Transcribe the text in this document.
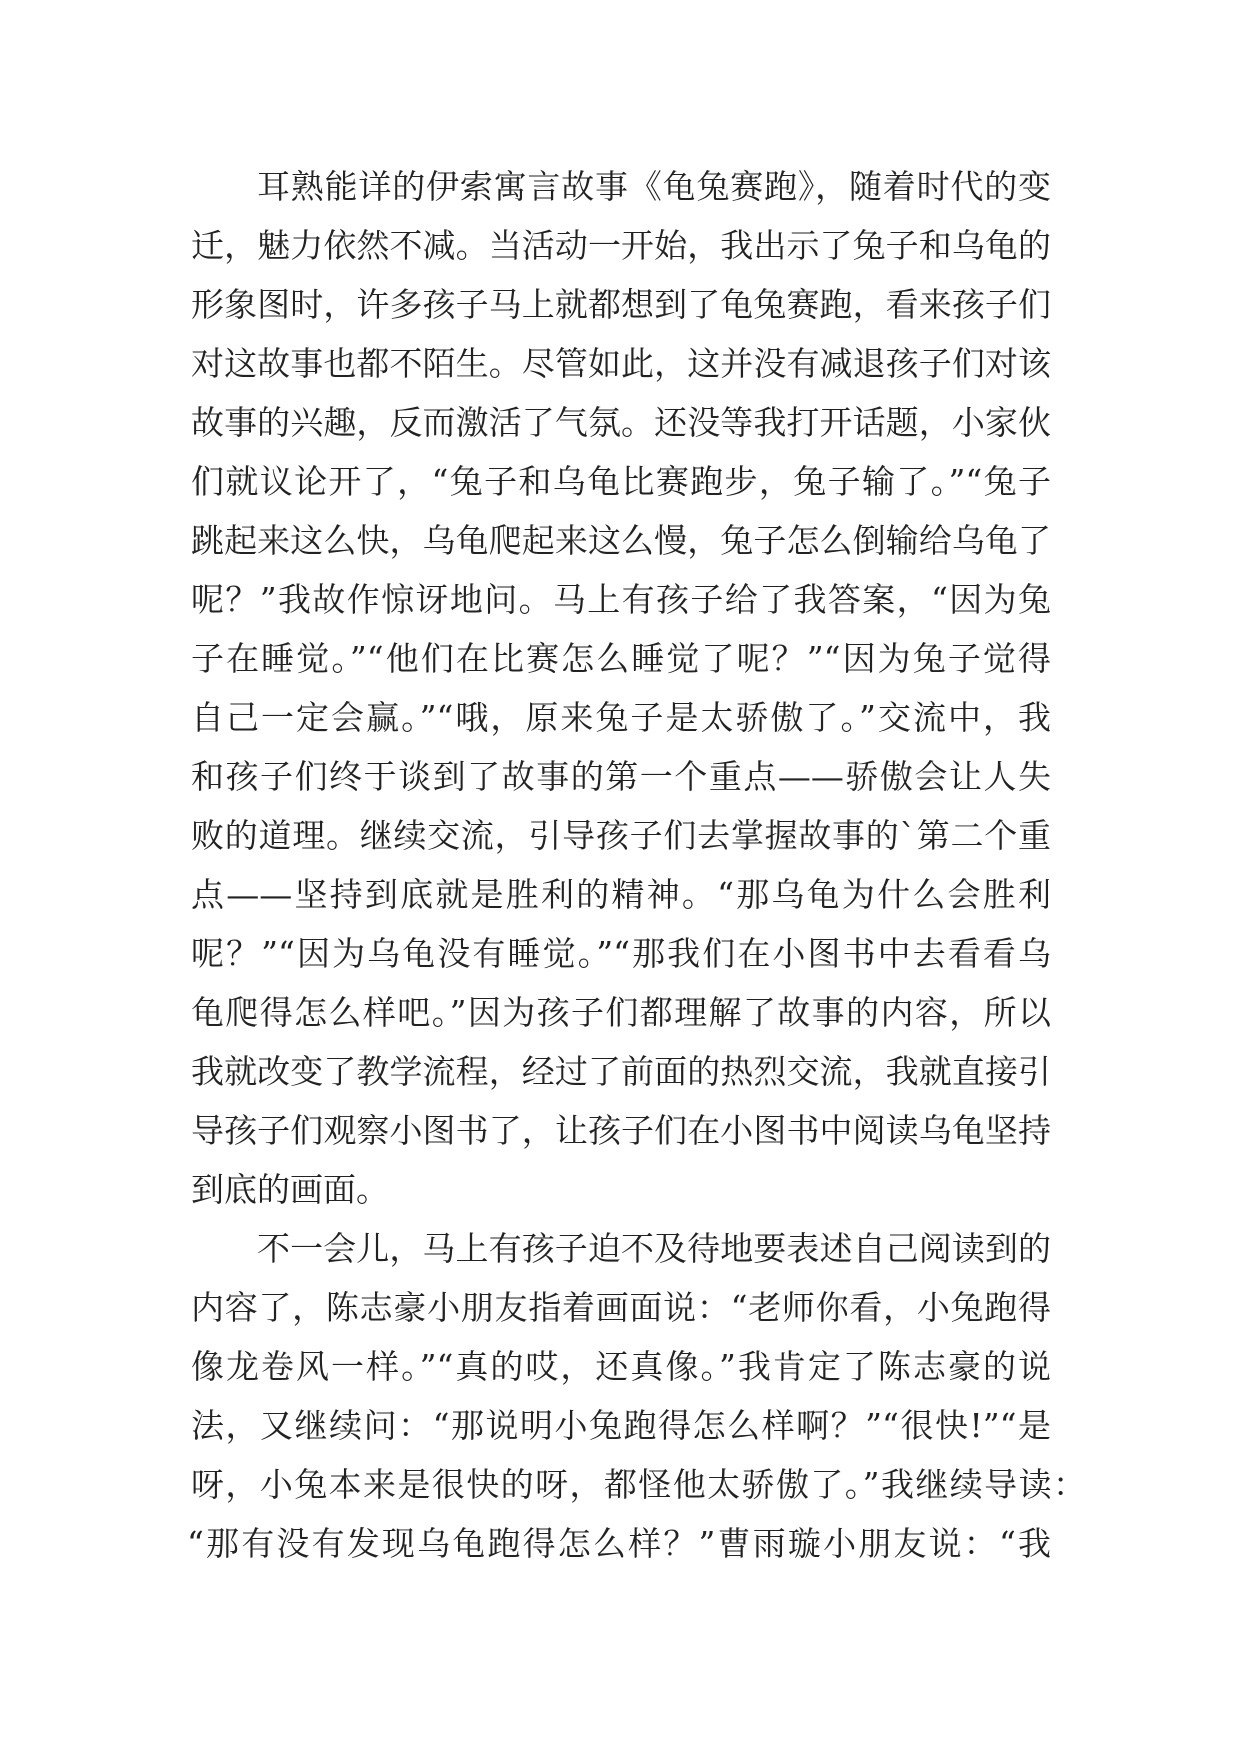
耳熟能详的伊索寓言故事《龟兔赛跑》，随着时代的变
迁，魅力依然不减。当活动一开始，我出示了兔子和乌龟的
形象图时，许多孩子马上就都想到了龟兔赛跑，看来孩子们
对这故事也都不陌生。尽管如此，这并没有减退孩子们对该
故事的兴趣，反而激活了气氛。还没等我打开话题，小家伙
们就议论开了，“兔子和乌龟比赛跑步，兔子输了。”“兔子
跳起来这么快，乌龟爬起来这么慢，兔子怎么倒输给乌龟了
呢？”我故作惊讶地问。马上有孩子给了我答案，“因为兔
子在睡觉。”“他们在比赛怎么睡觉了呢？”“因为兔子觉得
自己一定会赢。”“哦，原来兔子是太骄傲了。”交流中，我
和孩子们终于谈到了故事的第一个重点——骄傲会让人失
败的道理。继续交流，引导孩子们去掌握故事的`第二个重
点——坚持到底就是胜利的精神。“那乌龟为什么会胜利
呢？”“因为乌龟没有睡觉。”“那我们在小图书中去看看乌
龟爬得怎么样吧。”因为孩子们都理解了故事的内容，所以
我就改变了教学流程，经过了前面的热烈交流，我就直接引
导孩子们观察小图书了，让孩子们在小图书中阅读乌龟坚持
到底的画面。
不一会儿，马上有孩子迫不及待地要表述自己阅读到的
内容了，陈志豪小朋友指着画面说：“老师你看，小兔跑得
像龙卷风一样。”“真的哎，还真像。”我肯定了陈志豪的说
法，又继续问：“那说明小兔跑得怎么样啊？”“很快!”“是
呀，小兔本来是很快的呀，都怪他太骄傲了。”我继续导读：
“那有没有发现乌龟跑得怎么样？”曹雨璇小朋友说：“我
